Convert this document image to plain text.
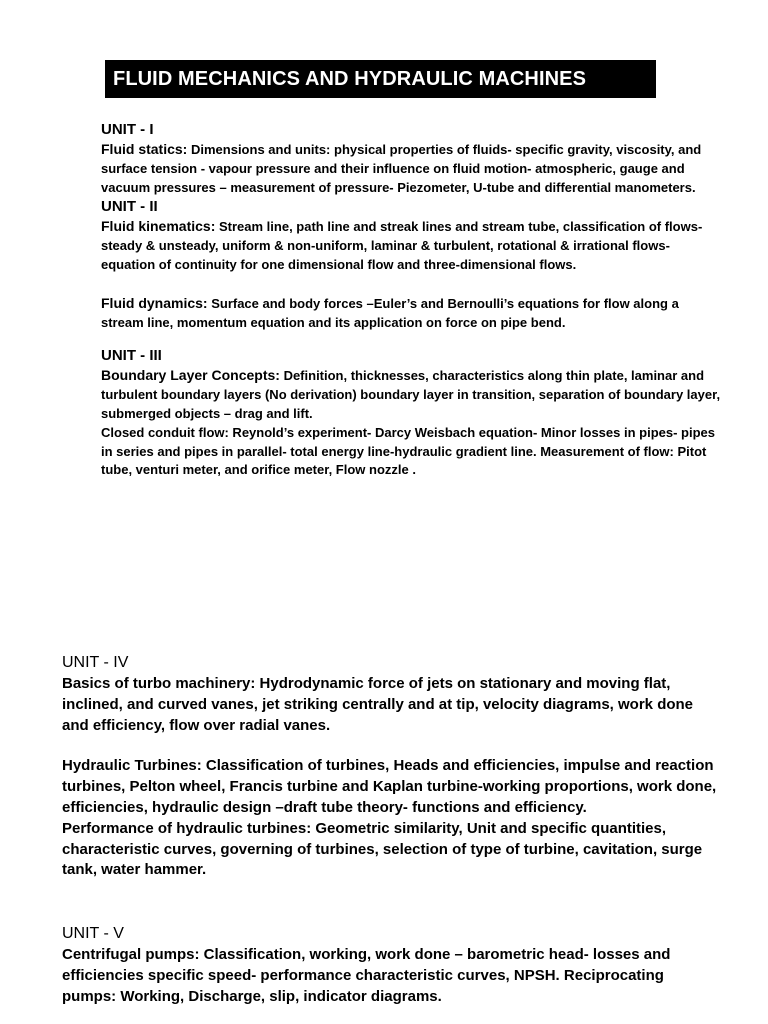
FLUID MECHANICS AND HYDRAULIC MACHINES
UNIT - I

Fluid statics: Dimensions and units: physical properties of fluids- specific gravity, viscosity, and surface tension - vapour pressure and their influence on fluid motion- atmospheric, gauge and vacuum pressures – measurement of pressure- Piezometer, U-tube and differential manometers.

UNIT - II

Fluid kinematics: Stream line, path line and streak lines and stream tube, classification of flows-steady & unsteady, uniform & non-uniform, laminar & turbulent, rotational & irrational flows-equation of continuity for one dimensional flow and three-dimensional flows.

Fluid dynamics: Surface and body forces –Euler’s and Bernoulli’s equations for flow along a stream line, momentum equation and its application on force on pipe bend.

UNIT - III

Boundary Layer Concepts: Definition, thicknesses, characteristics along thin plate, laminar and turbulent boundary layers (No derivation) boundary layer in transition, separation of boundary layer, submerged objects – drag and lift.

Closed conduit flow: Reynold’s experiment- Darcy Weisbach equation- Minor losses in pipes- pipes in series and pipes in parallel- total energy line-hydraulic gradient line. Measurement of flow: Pitot tube, venturi meter, and orifice meter, Flow nozzle .

UNIT - IV

Basics of turbo machinery: Hydrodynamic force of jets on stationary and moving flat, inclined, and curved vanes, jet striking centrally and at tip, velocity diagrams, work done and efficiency, flow over radial vanes.

Hydraulic Turbines: Classification of turbines, Heads and efficiencies, impulse and reaction turbines, Pelton wheel, Francis turbine and Kaplan turbine-working proportions, work done, efficiencies, hydraulic design –draft tube theory- functions and efficiency.

Performance of hydraulic turbines: Geometric similarity, Unit and specific quantities, characteristic curves, governing of turbines, selection of type of turbine, cavitation, surge tank, water hammer.

UNIT - V

Centrifugal pumps: Classification, working, work done – barometric head- losses and efficiencies specific speed- performance characteristic curves, NPSH. Reciprocating pumps: Working, Discharge, slip, indicator diagrams.
